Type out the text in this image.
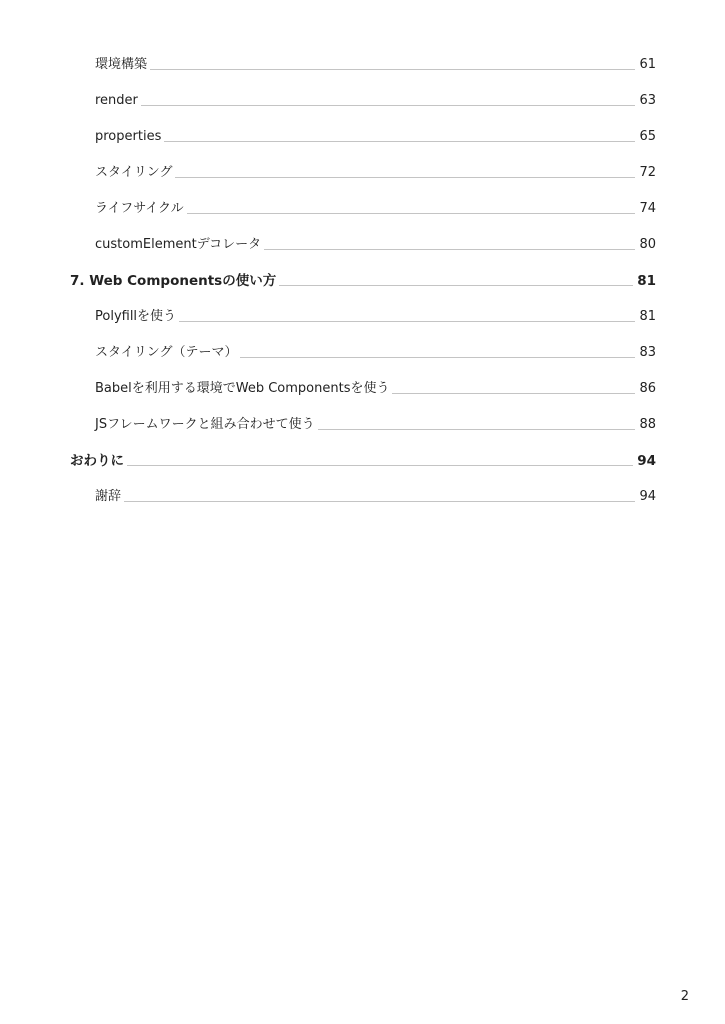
環境構築	61
render	63
properties	65
スタイリング	72
ライフサイクル	74
customElementデコレータ	80
7. Web Componentsの使い方	81
Polyfillを使う	81
スタイリング（テーマ）	83
Babelを利用する環境でWeb Componentsを使う	86
JSフレームワークと組み合わせて使う	88
おわりに	94
謝辞	94
2
